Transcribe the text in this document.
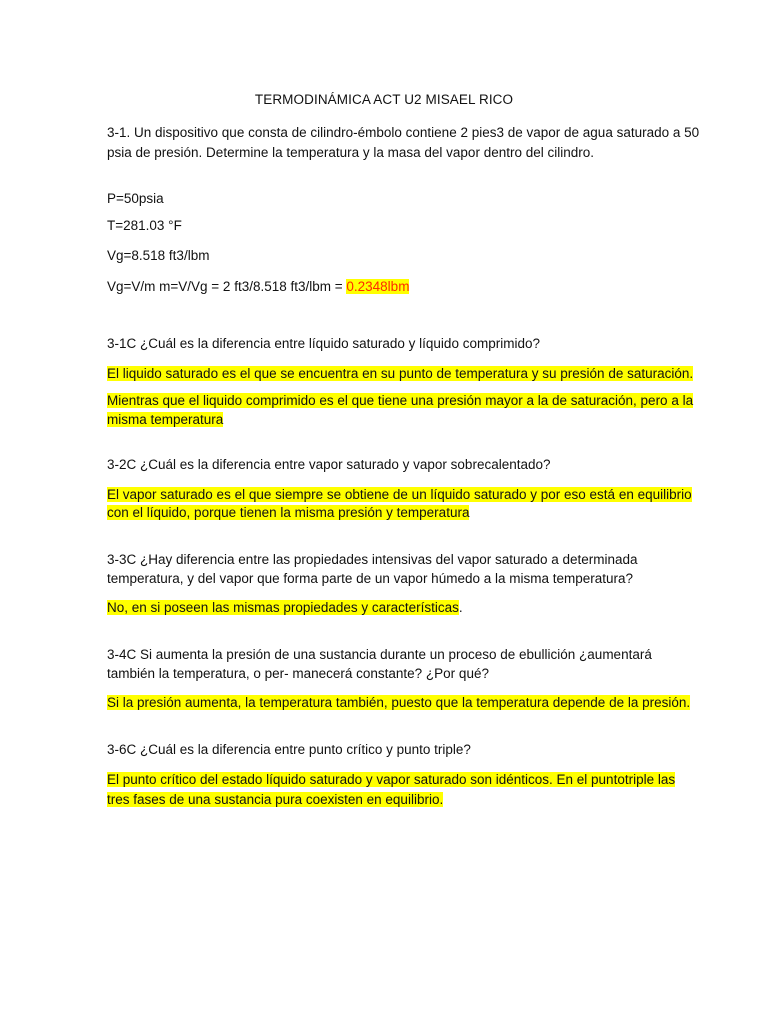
TERMODINÁMICA ACT U2 MISAEL RICO
3-1. Un dispositivo que consta de cilindro-émbolo contiene 2 pies3 de vapor de agua saturado a 50
psia de presión. Determine la temperatura y la masa del vapor dentro del cilindro.
P=50psia
T=281.03 °F
Vg=8.518 ft3/lbm
Vg=V/m m=V/Vg = 2 ft3/8.518 ft3/lbm = 0.2348lbm
3-1C ¿Cuál es la diferencia entre líquido saturado y líquido comprimido?
El liquido saturado es el que se encuentra en su punto de temperatura y su presión de saturación.
Mientras que el liquido comprimido es el que tiene una presión mayor a la de saturación, pero a la
misma temperatura
3-2C ¿Cuál es la diferencia entre vapor saturado y vapor sobrecalentado?
El vapor saturado es el que siempre se obtiene de un líquido saturado y por eso está en equilibrio
con el líquido, porque tienen la misma presión y temperatura
3-3C ¿Hay diferencia entre las propiedades intensivas del vapor saturado a determinada
temperatura, y del vapor que forma parte de un vapor húmedo a la misma temperatura?
No, en si poseen las mismas propiedades y características.
3-4C Si aumenta la presión de una sustancia durante un proceso de ebullición ¿aumentará
también la temperatura, o per- manecerá constante? ¿Por qué?
Si la presión aumenta, la temperatura también, puesto que la temperatura depende de la presión.
3-6C ¿Cuál es la diferencia entre punto crítico y punto triple?
El punto crítico del estado líquido saturado y vapor saturado son idénticos. En el puntotriple las
tres fases de una sustancia pura coexisten en equilibrio.
